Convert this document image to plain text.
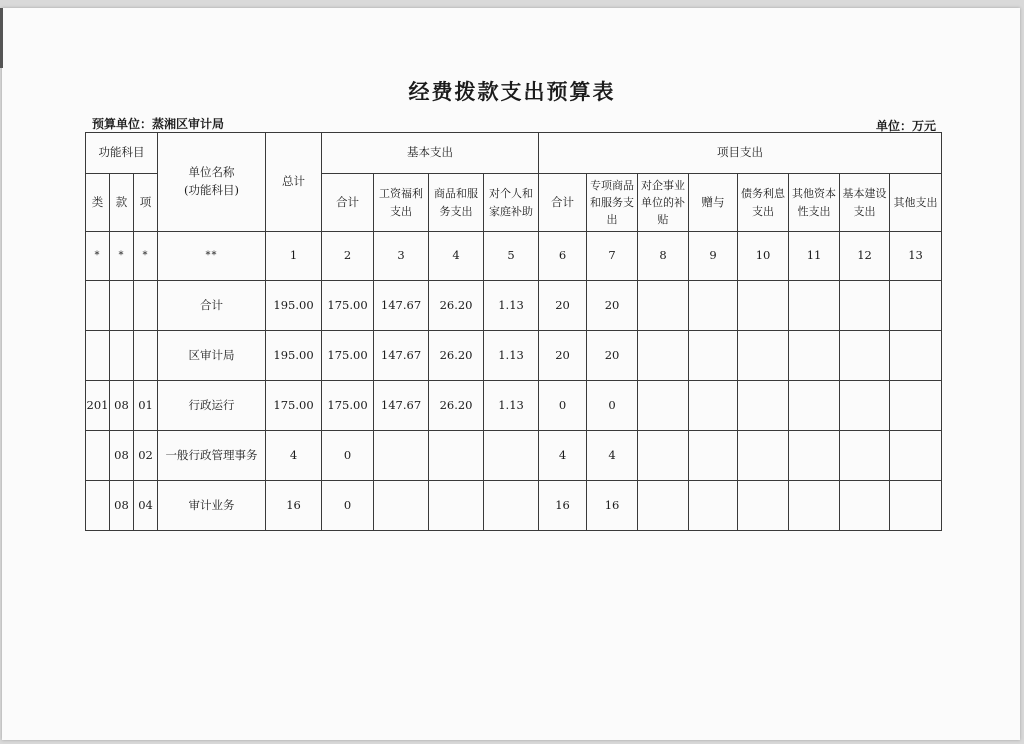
经费拨款支出预算表
预算单位：蒸湘区审计局	单位：万元
功能科目			单位名称
(功能科目)	总计	基本支出				项目支出							
类	款	项			合计	工资福利支出	商品和服务支出	对个人和家庭补助	合计	专项商品和服务支出	对企事业单位的补贴	赠与	债务利息支出	其他资本性支出	基本建设支出	其他支出
*	*	*	**	1	2	3	4	5	6	7	8	9	10	11	12	13
			合计	195.00	175.00	147.67	26.20	1.13	20	20						
			区审计局	195.00	175.00	147.67	26.20	1.13	20	20						
201	08	01	行政运行	175.00	175.00	147.67	26.20	1.13	0	0						
	08	02	一般行政管理事务	4	0				4	4						
	08	04	审计业务	16	0				16	16						
